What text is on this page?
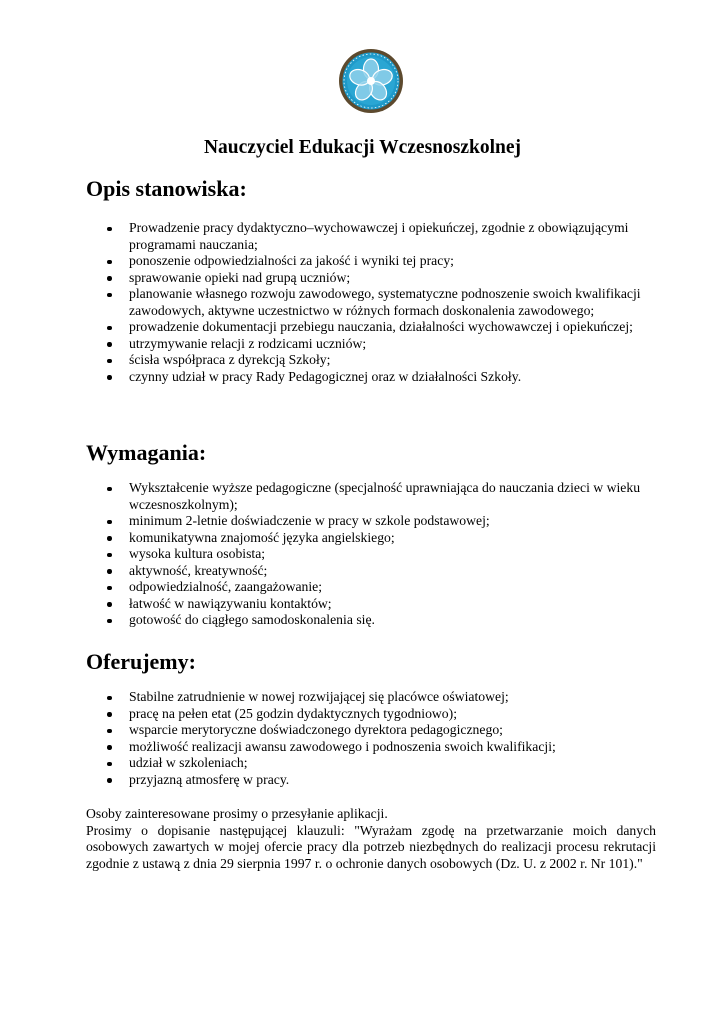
Nauczyciel Edukacji Wczesnoszkolnej
Opis stanowiska:
Prowadzenie pracy dydaktyczno–wychowawczej i opiekuńczej, zgodnie z obowiązującymi programami nauczania;
ponoszenie odpowiedzialności za jakość i wyniki tej pracy;
sprawowanie opieki nad grupą uczniów;
planowanie własnego rozwoju zawodowego, systematyczne podnoszenie swoich kwalifikacji zawodowych, aktywne uczestnictwo w różnych formach doskonalenia zawodowego;
prowadzenie dokumentacji przebiegu nauczania, działalności wychowawczej i opiekuńczej;
utrzymywanie relacji z rodzicami uczniów;
ścisła współpraca z dyrekcją Szkoły;
czynny udział w pracy Rady Pedagogicznej oraz w działalności Szkoły.
Wymagania:
Wykształcenie wyższe pedagogiczne (specjalność uprawniająca do nauczania dzieci w wieku wczesnoszkolnym);
minimum 2-letnie doświadczenie w pracy w szkole podstawowej;
komunikatywna znajomość języka angielskiego;
wysoka kultura osobista;
aktywność, kreatywność;
odpowiedzialność, zaangażowanie;
łatwość w nawiązywaniu kontaktów;
gotowość do ciągłego samodoskonalenia się.
Oferujemy:
Stabilne zatrudnienie w nowej rozwijającej się placówce oświatowej;
pracę na pełen etat (25 godzin dydaktycznych tygodniowo);
wsparcie merytoryczne doświadczonego dyrektora pedagogicznego;
możliwość realizacji awansu zawodowego i podnoszenia swoich kwalifikacji;
udział w szkoleniach;
przyjazną atmosferę w pracy.

Osoby zainteresowane prosimy o przesyłanie aplikacji.

Prosimy o dopisanie następującej klauzuli: "Wyrażam zgodę na przetwarzanie moich danych osobowych zawartych w mojej ofercie pracy dla potrzeb niezbędnych do realizacji procesu rekrutacji zgodnie z ustawą z dnia 29 sierpnia 1997 r. o ochronie danych osobowych (Dz. U. z 2002 r. Nr 101)."
